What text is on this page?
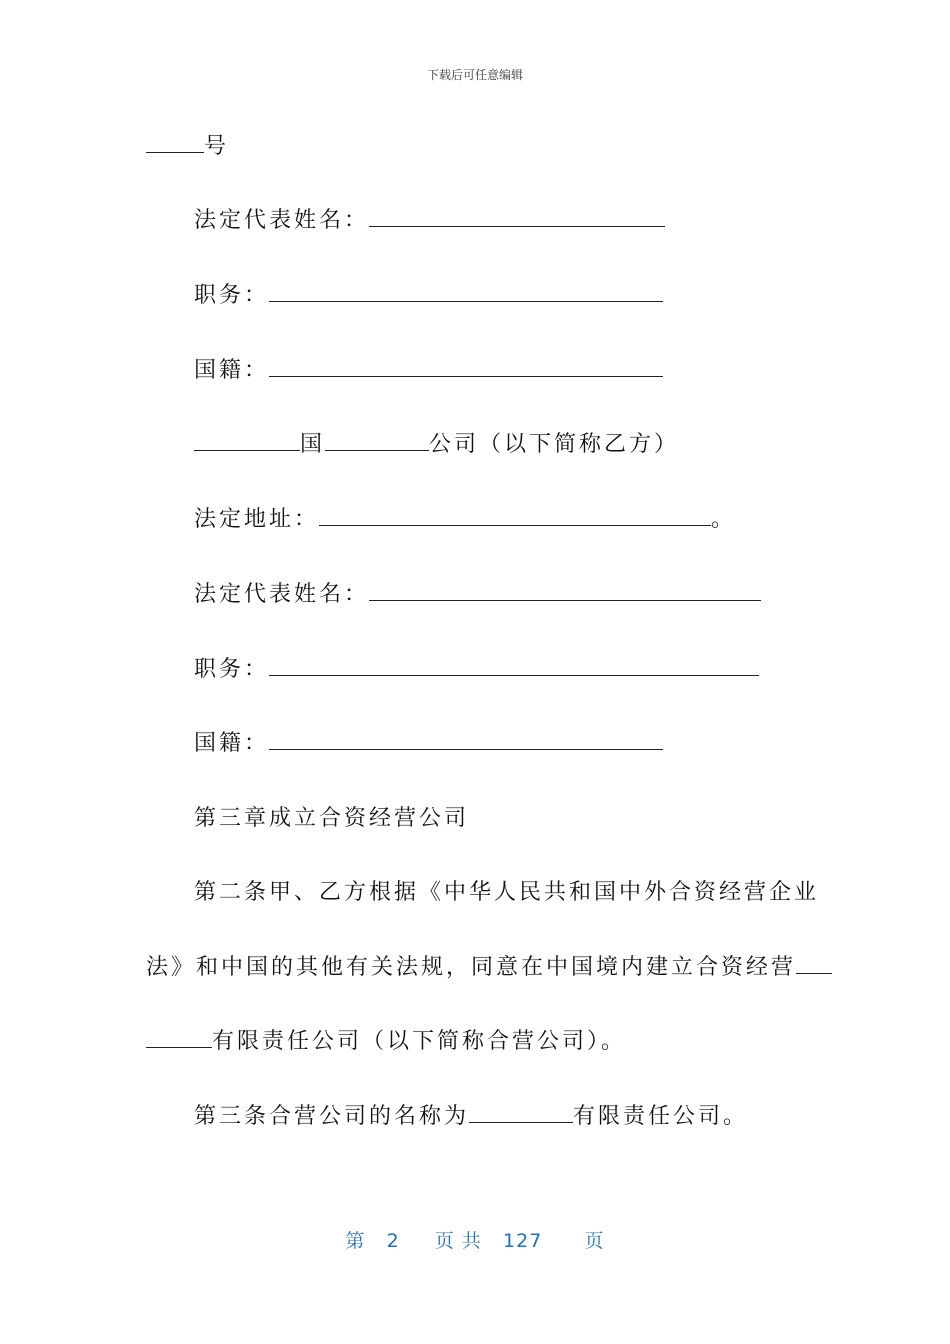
下载后可任意编辑
号
法定代表姓名：
职务：
国籍：
国	公司（以下简称乙方）
法定地址：	。
法定代表姓名：
职务：
国籍：
第三章成立合资经营公司
第二条甲、乙方根据《中华人民共和国中外合资经营企业
法》和中国的其他有关法规，同意在中国境内建立合资经营
有限责任公司（以下简称合营公司）。
第三条合营公司的名称为	有限责任公司。
第 2 页 共 127 页
